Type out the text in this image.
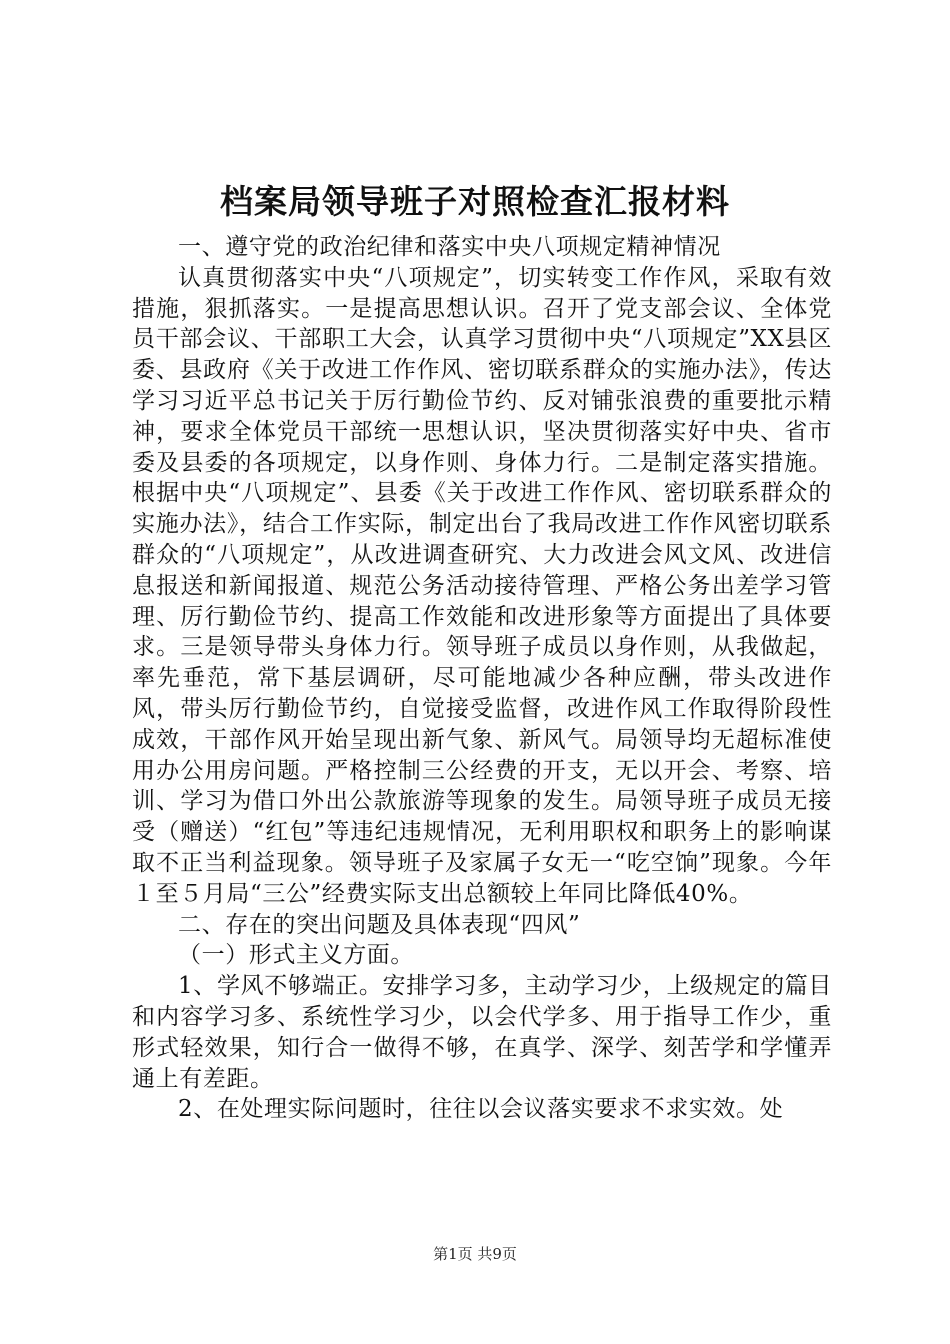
档案局领导班子对照检查汇报材料

一、遵守党的政治纪律和落实中央八项规定精神情况

认真贯彻落实中央“八项规定”，切实转变工作作风，采取有效措施，狠抓落实。一是提高思想认识。召开了党支部会议、全体党员干部会议、干部职工大会，认真学习贯彻中央“八项规定”XX县区委、县政府《关于改进工作作风、密切联系群众的实施办法》，传达学习习近平总书记关于厉行勤俭节约、反对铺张浪费的重要批示精神，要求全体党员干部统一思想认识，坚决贯彻落实好中央、省市委及县委的各项规定，以身作则、身体力行。二是制定落实措施。根据中央“八项规定”、县委《关于改进工作作风、密切联系群众的实施办法》，结合工作实际，制定出台了我局改进工作作风密切联系群众的“八项规定”，从改进调查研究、大力改进会风文风、改进信息报送和新闻报道、规范公务活动接待管理、严格公务出差学习管理、厉行勤俭节约、提高工作效能和改进形象等方面提出了具体要求。三是领导带头身体力行。领导班子成员以身作则，从我做起，率先垂范，常下基层调研，尽可能地减少各种应酬，带头改进作风，带头厉行勤俭节约，自觉接受监督，改进作风工作取得阶段性成效，干部作风开始呈现出新气象、新风气。局领导均无超标准使用办公用房问题。严格控制三公经费的开支，无以开会、考察、培训、学习为借口外出公款旅游等现象的发生。局领导班子成员无接受（赠送）“红包”等违纪违规情况，无利用职权和职务上的影响谋取不正当利益现象。领导班子及家属子女无一“吃空饷”现象。今年１至５月局“三公”经费实际支出总额较上年同比降低40%。

二、存在的突出问题及具体表现“四风”

（一）形式主义方面。

1、学风不够端正。安排学习多，主动学习少，上级规定的篇目和内容学习多、系统性学习少，以会代学多、用于指导工作少，重形式轻效果，知行合一做得不够，在真学、深学、刻苦学和学懂弄通上有差距。

2、在处理实际问题时，往往以会议落实要求不求实效。处

第1页 共9页
